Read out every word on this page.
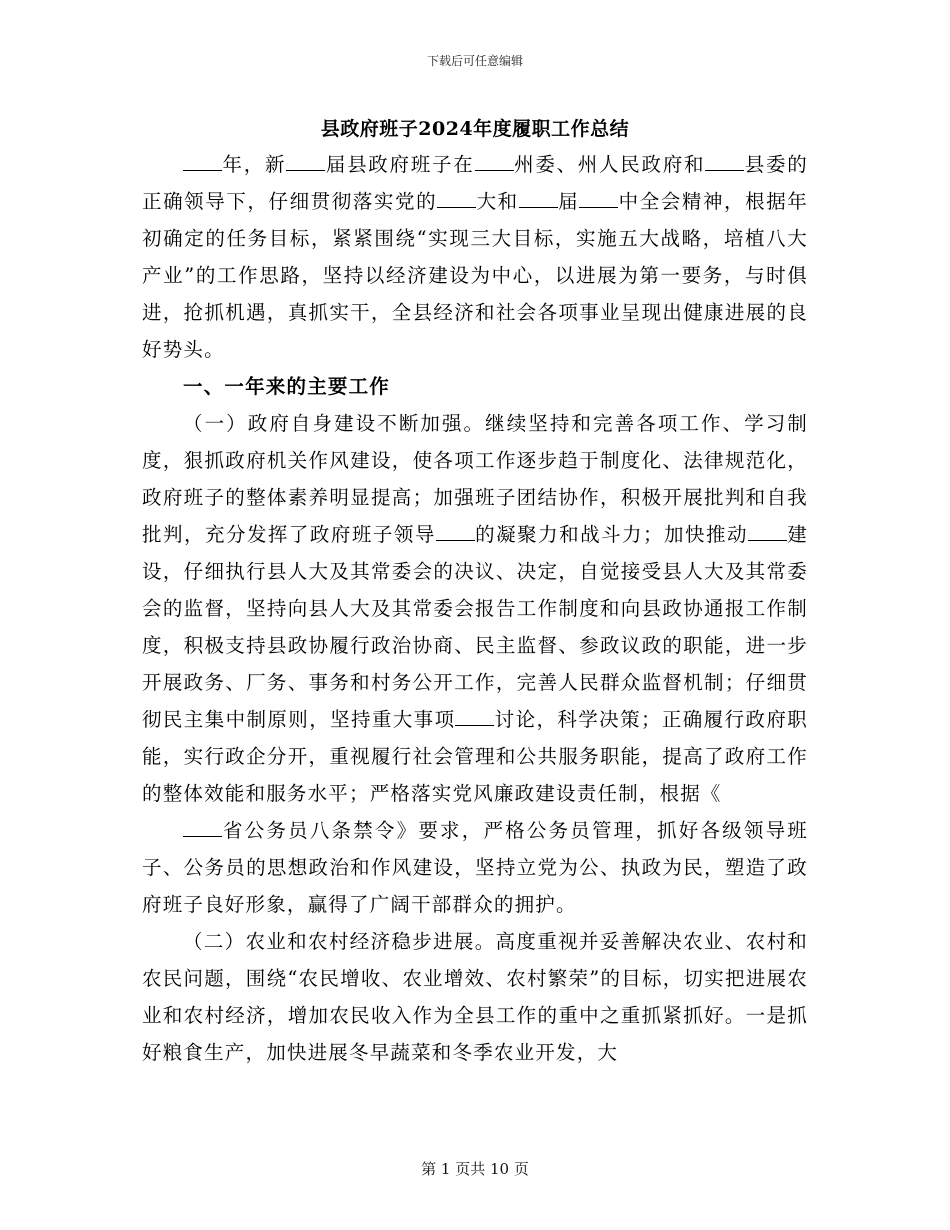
下载后可任意编辑
县政府班子2024年度履职工作总结

年，新 届县政府班子在 州委、州人民政府和 县委的正确领导下，仔细贯彻落实党的 大和 届 中全会精神，根据年初确定的任务目标，紧紧围绕“实现三大目标，实施五大战略，培植八大产业”的工作思路，坚持以经济建设为中心，以进展为第一要务，与时俱进，抢抓机遇，真抓实干，全县经济和社会各项事业呈现出健康进展的良好势头。

一、一年来的主要工作

（一）政府自身建设不断加强。继续坚持和完善各项工作、学习制度，狠抓政府机关作风建设，使各项工作逐步趋于制度化、法律规范化，政府班子的整体素养明显提高；加强班子团结协作，积极开展批判和自我批判，充分发挥了政府班子领导 的凝聚力和战斗力；加快推动 建设，仔细执行县人大及其常委会的决议、决定，自觉接受县人大及其常委会的监督，坚持向县人大及其常委会报告工作制度和向县政协通报工作制度，积极支持县政协履行政治协商、民主监督、参政议政的职能，进一步开展政务、厂务、事务和村务公开工作，完善人民群众监督机制；仔细贯彻民主集中制原则，坚持重大事项 讨论，科学决策；正确履行政府职能，实行政企分开，重视履行社会管理和公共服务职能，提高了政府工作的整体效能和服务水平；严格落实党风廉政建设责任制，根据《

省公务员八条禁令》要求，严格公务员管理，抓好各级领导班子、公务员的思想政治和作风建设，坚持立党为公、执政为民，塑造了政府班子良好形象，赢得了广阔干部群众的拥护。

（二）农业和农村经济稳步进展。高度重视并妥善解决农业、农村和农民问题，围绕“农民增收、农业增效、农村繁荣”的目标，切实把进展农业和农村经济，增加农民收入作为全县工作的重中之重抓紧抓好。一是抓好粮食生产，加快进展冬早蔬菜和冬季农业开发，大

第 1 页共 10 页
